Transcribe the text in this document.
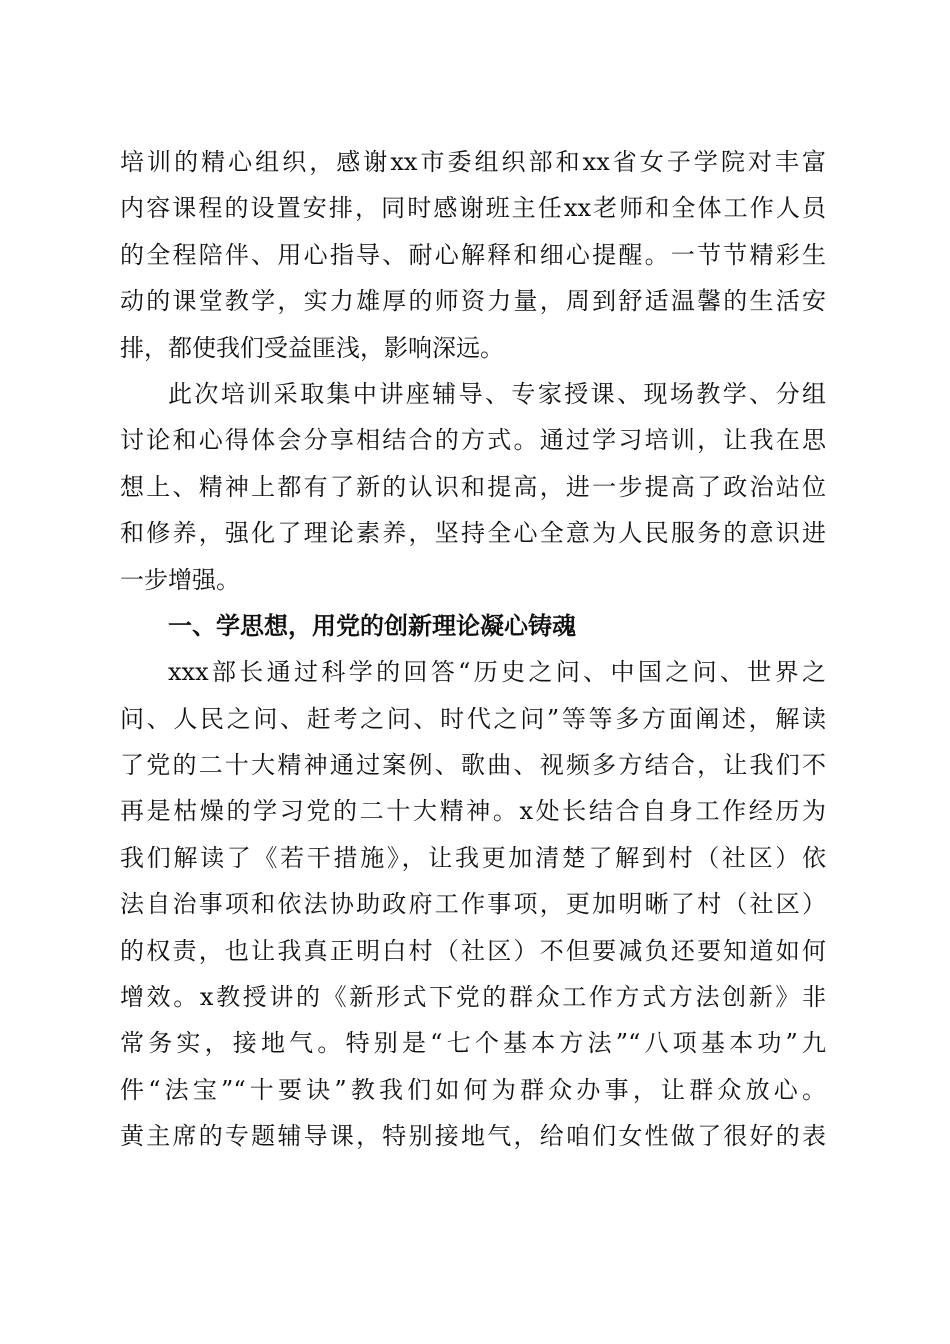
培训的精心组织，感谢xx市委组织部和xx省女子学院对丰富
内容课程的设置安排，同时感谢班主任xx老师和全体工作人员
的全程陪伴、用心指导、耐心解释和细心提醒。一节节精彩生
动的课堂教学，实力雄厚的师资力量，周到舒适温馨的生活安
排，都使我们受益匪浅，影响深远。
此次培训采取集中讲座辅导、专家授课、现场教学、分组
讨论和心得体会分享相结合的方式。通过学习培训，让我在思
想上、精神上都有了新的认识和提高，进一步提高了政治站位
和修养，强化了理论素养，坚持全心全意为人民服务的意识进
一步增强。
一、学思想，用党的创新理论凝心铸魂
xxx部长通过科学的回答“历史之问、中国之问、世界之
问、人民之问、赶考之问、时代之问”等等多方面阐述，解读
了党的二十大精神通过案例、歌曲、视频多方结合，让我们不
再是枯燥的学习党的二十大精神。x处长结合自身工作经历为
我们解读了《若干措施》，让我更加清楚了解到村（社区）依
法自治事项和依法协助政府工作事项，更加明晰了村（社区）
的权责，也让我真正明白村（社区）不但要减负还要知道如何
增效。x教授讲的《新形式下党的群众工作方式方法创新》非
常务实，接地气。特别是“七个基本方法”“八项基本功”九
件“法宝”“十要诀”教我们如何为群众办事，让群众放心。
黄主席的专题辅导课，特别接地气，给咱们女性做了很好的表
